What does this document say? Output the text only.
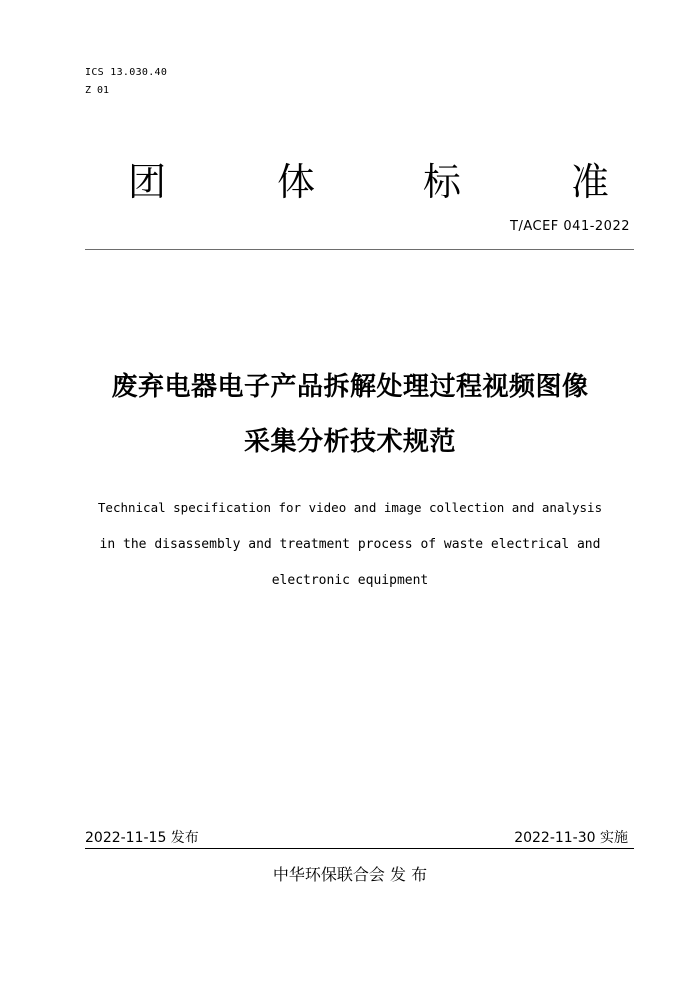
ICS 13.030.40
Z 01
团	体	标	准
T/ACEF 041-2022
废弃电器电子产品拆解处理过程视频图像
采集分析技术规范
Technical specification for video and image collection and analysis
in the disassembly and treatment process of waste electrical and
electronic equipment
2022-11-15 发布	2022-11-30 实施
中华环保联合会 发 布
